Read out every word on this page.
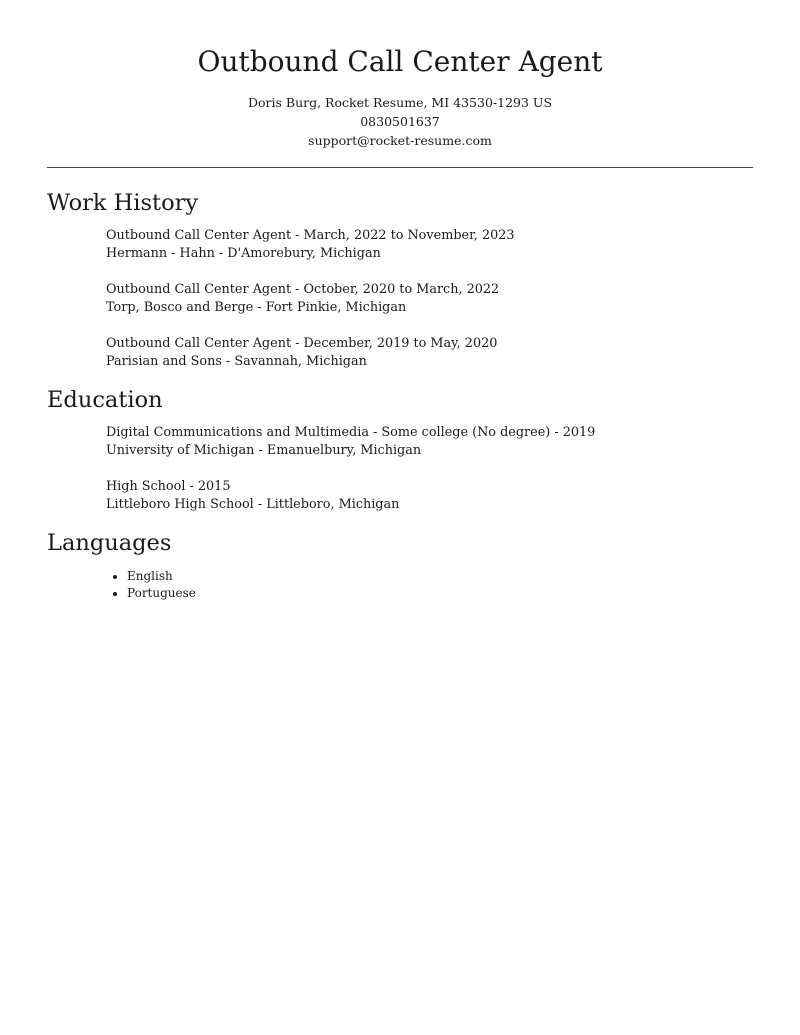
Outbound Call Center Agent
Doris Burg, Rocket Resume, MI 43530-1293 US
0830501637
support@rocket-resume.com
Work History
Outbound Call Center Agent - March, 2022 to November, 2023
Hermann - Hahn - D'Amorebury, Michigan
Outbound Call Center Agent - October, 2020 to March, 2022
Torp, Bosco and Berge - Fort Pinkie, Michigan
Outbound Call Center Agent - December, 2019 to May, 2020
Parisian and Sons - Savannah, Michigan
Education
Digital Communications and Multimedia - Some college (No degree) - 2019
University of Michigan - Emanuelbury, Michigan
High School - 2015
Littleboro High School - Littleboro, Michigan
Languages
English
Portuguese
